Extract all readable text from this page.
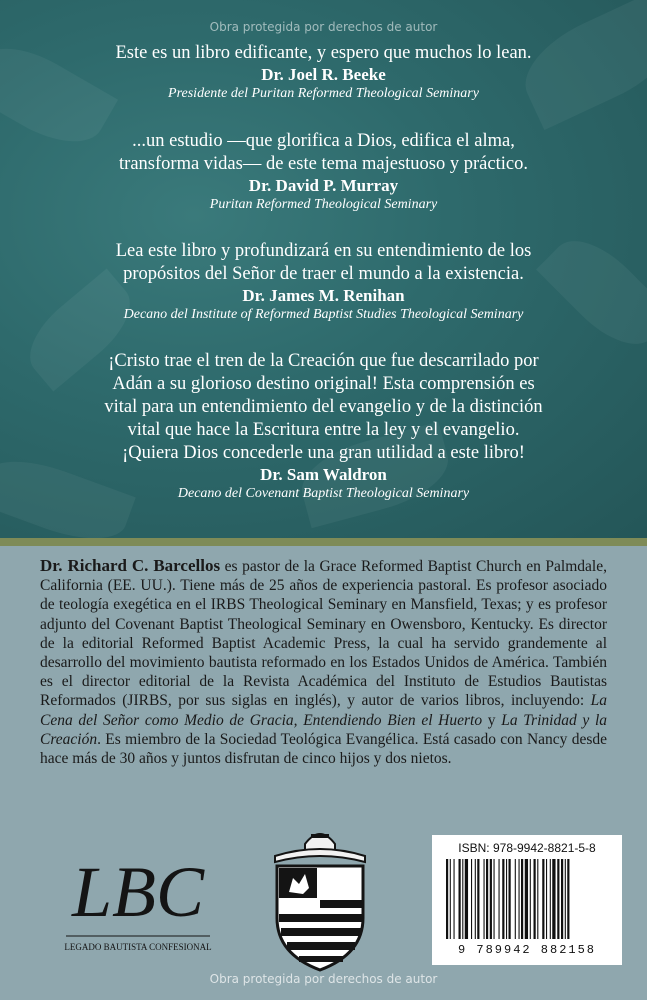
Obra protegida por derechos de autor
Este es un libro edificante, y espero que muchos lo lean.
Dr. Joel R. Beeke
Presidente del Puritan Reformed Theological Seminary
...un estudio —que glorifica a Dios, edifica el alma,
transforma vidas— de este tema majestuoso y práctico.
Dr. David P. Murray
Puritan Reformed Theological Seminary
Lea este libro y profundizará en su entendimiento de los
propósitos del Señor de traer el mundo a la existencia.
Dr. James M. Renihan
Decano del Institute of Reformed Baptist Studies Theological Seminary
¡Cristo trae el tren de la Creación que fue descarrilado por
Adán a su glorioso destino original! Esta comprensión es
vital para un entendimiento del evangelio y de la distinción
vital que hace la Escritura entre la ley y el evangelio.
¡Quiera Dios concederle una gran utilidad a este libro!
Dr. Sam Waldron
Decano del Covenant Baptist Theological Seminary
Dr. Richard C. Barcellos es pastor de la Grace Reformed Baptist Church en Palmdale, California (EE. UU.). Tiene más de 25 años de experiencia pastoral. Es profesor asociado de teología exegética en el IRBS Theological Seminary en Mansfield, Texas; y es profesor adjunto del Covenant Baptist Theological Seminary en Owensboro, Kentucky. Es director de la editorial Reformed Baptist Academic Press, la cual ha servido grandemente al desarrollo del movimiento bautista reformado en los Estados Unidos de América. También es el director editorial de la Revista Académica del Instituto de Estudios Bautistas Reformados (JIRBS, por sus siglas en inglés), y autor de varios libros, incluyendo: La Cena del Señor como Medio de Gracia, Entendiendo Bien el Huerto y La Trinidad y la Creación. Es miembro de la Sociedad Teológica Evangélica. Está casado con Nancy desde hace más de 30 años y juntos disfrutan de cinco hijos y dos nietos.
LBC
LEGADO BAUTISTA CONFESIONAL
ISBN: 978-9942-8821-5-8
9 789942 882158
Obra protegida por derechos de autor
